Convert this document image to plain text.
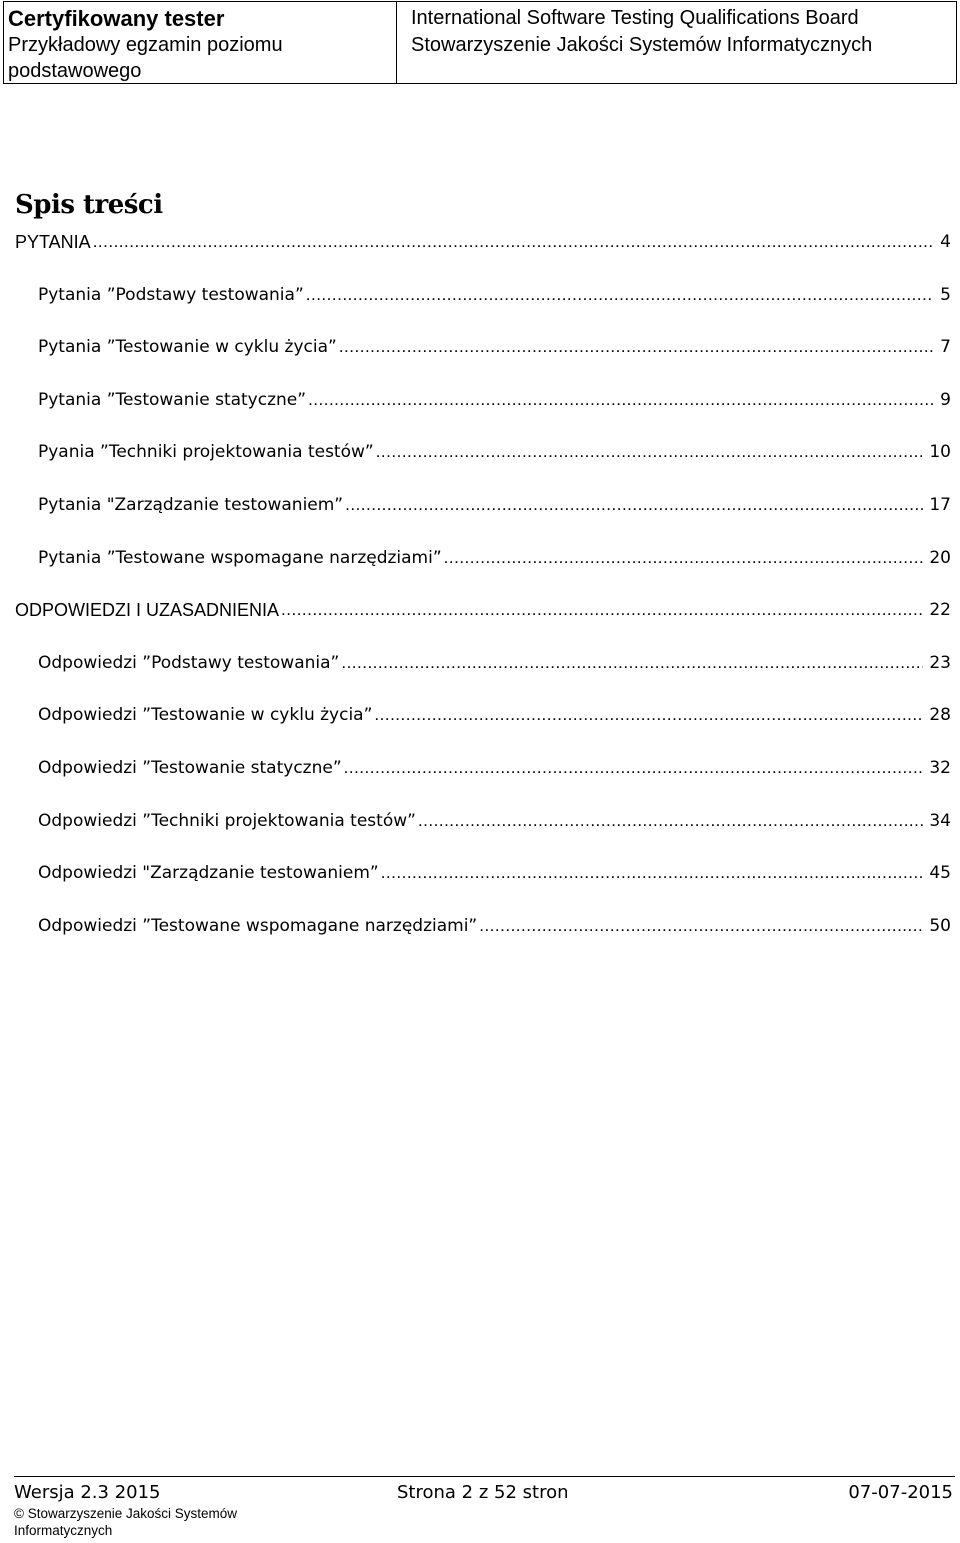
Certyfikowany tester
Przykładowy egzamin poziomu podstawowego
International Software Testing Qualifications Board
Stowarzyszenie Jakości Systemów Informatycznych
Spis treści
PYTANIA .....	4
Pytania ”Podstawy testowania” .....	5
Pytania ”Testowanie w cyklu życia” .....	7
Pytania ”Testowanie statyczne” .....	9
Pyania ”Techniki projektowania testów” .....	10
Pytania "Zarządzanie testowaniem” .....	17
Pytania ”Testowane wspomagane narzędziami” .....	20
ODPOWIEDZI I UZASADNIENIA .....	22
Odpowiedzi ”Podstawy testowania” .....	23
Odpowiedzi ”Testowanie w cyklu życia” .....	28
Odpowiedzi ”Testowanie statyczne” .....	32
Odpowiedzi ”Techniki projektowania testów” .....	34
Odpowiedzi "Zarządzanie testowaniem” .....	45
Odpowiedzi ”Testowane wspomagane narzędziami” .....	50
Wersja 2.3 2015	Strona 2 z 52 stron	07-07-2015
© Stowarzyszenie Jakości Systemów Informatycznych
